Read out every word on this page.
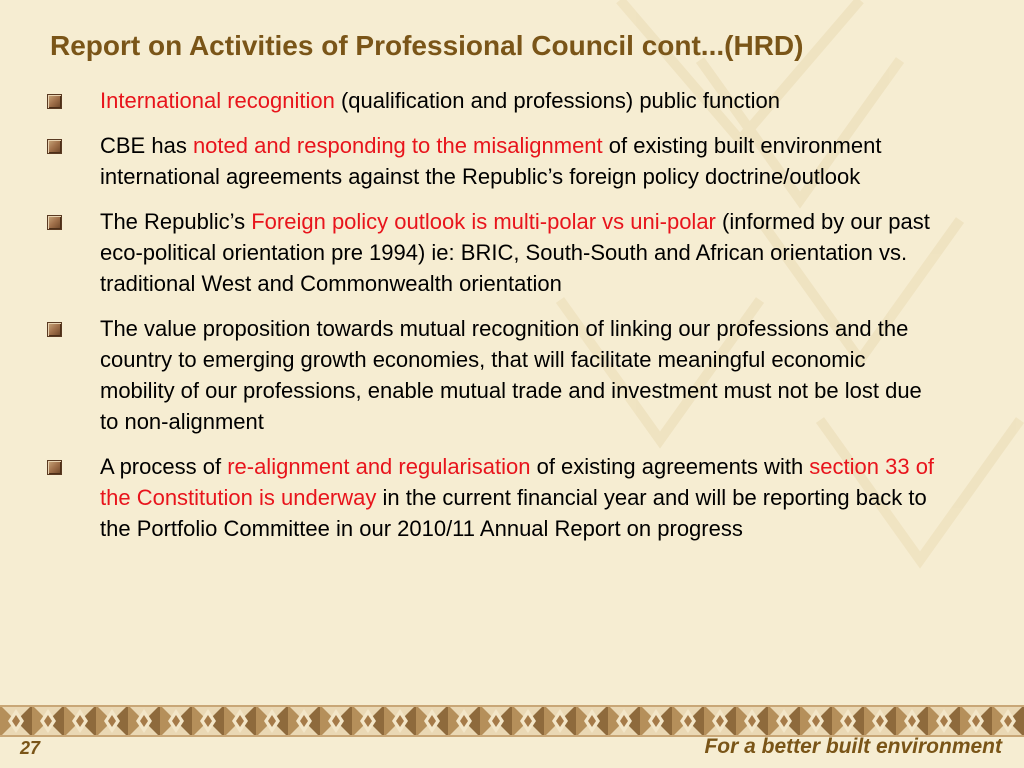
Report on Activities of Professional Council cont...(HRD)
International recognition (qualification and professions) public function
CBE has noted and responding to the misalignment of existing built environment international agreements against the Republic’s foreign policy doctrine/outlook
The Republic’s Foreign policy outlook is multi-polar vs uni-polar (informed by our past eco-political orientation pre 1994) ie: BRIC, South-South and African orientation vs. traditional West and Commonwealth orientation
The value proposition towards mutual recognition of linking our professions and the country to emerging growth economies, that will facilitate meaningful economic mobility of our professions, enable mutual trade and investment must not be lost due to non-alignment
A process of re-alignment and regularisation of existing agreements with section 33 of the Constitution is underway in the current financial year and will be reporting back to the Portfolio Committee in our 2010/11 Annual Report on progress
27	For a better built environment
